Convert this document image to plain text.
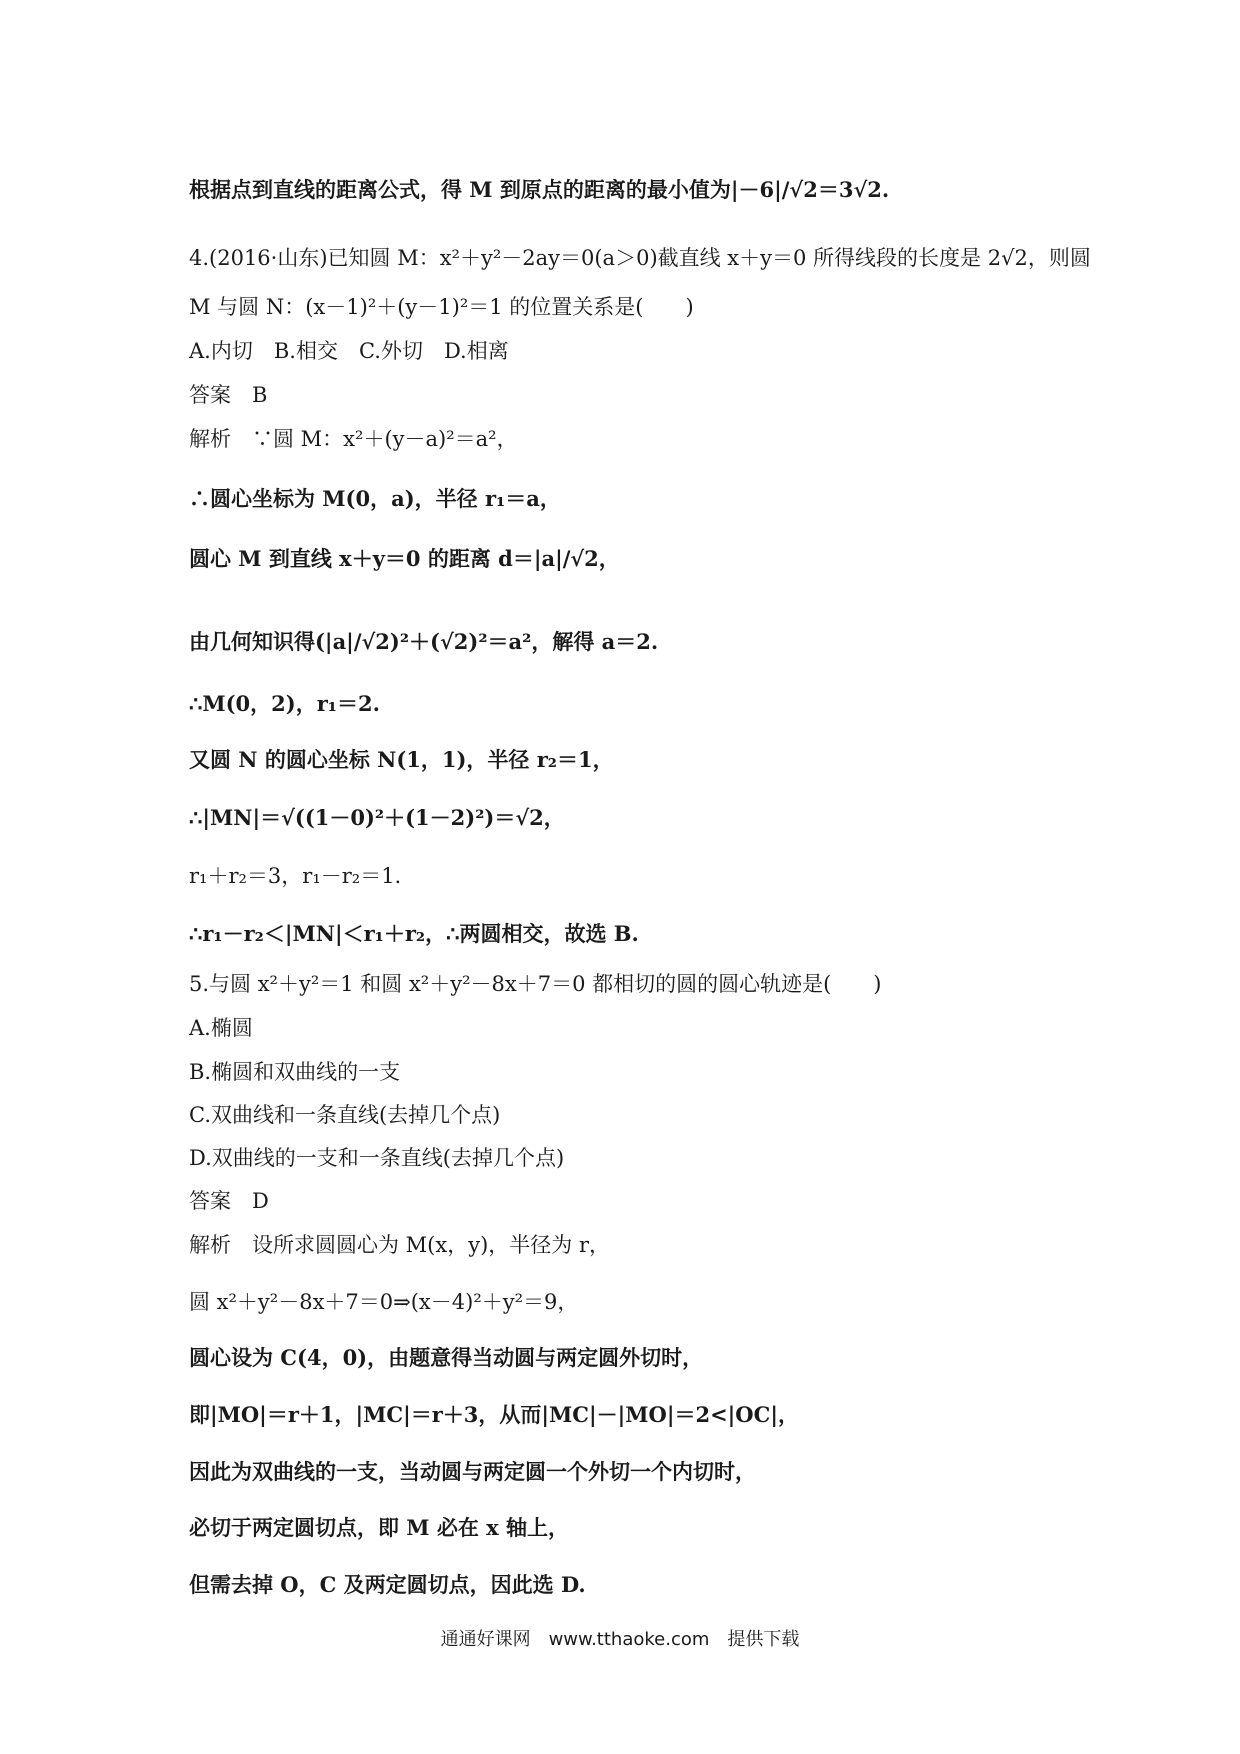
根据点到直线的距离公式，得 M 到原点的距离的最小值为|－6|/√2＝3√2.
4.(2016·山东)已知圆 M：x²＋y²－2ay＝0(a＞0)截直线 x＋y＝0 所得线段的长度是 2√2，则圆
M 与圆 N：(x－1)²＋(y－1)²＝1 的位置关系是(　　)
A.内切　B.相交　C.外切　D.相离
答案　B
解析　∵圆 M：x²＋(y－a)²＝a²，
∴圆心坐标为 M(0，a)，半径 r₁＝a，
圆心 M 到直线 x＋y＝0 的距离 d＝|a|/√2，
由几何知识得(|a|/√2)²＋(√2)²＝a²，解得 a＝2.
∴M(0，2)，r₁＝2.
又圆 N 的圆心坐标 N(1，1)，半径 r₂＝1，
∴|MN|＝√((1－0)²＋(1－2)²)＝√2，
r₁＋r₂＝3，r₁－r₂＝1.
∴r₁－r₂＜|MN|＜r₁＋r₂，∴两圆相交，故选 B.
5.与圆 x²＋y²＝1 和圆 x²＋y²－8x＋7＝0 都相切的圆的圆心轨迹是(　　)
A.椭圆
B.椭圆和双曲线的一支
C.双曲线和一条直线(去掉几个点)
D.双曲线的一支和一条直线(去掉几个点)
答案　D
解析　设所求圆圆心为 M(x，y)，半径为 r，
圆 x²＋y²－8x＋7＝0⇒(x－4)²＋y²＝9，
圆心设为 C(4，0)，由题意得当动圆与两定圆外切时，
即|MO|＝r＋1，|MC|＝r＋3，从而|MC|－|MO|＝2<|OC|，
因此为双曲线的一支，当动圆与两定圆一个外切一个内切时，
必切于两定圆切点，即 M 必在 x 轴上，
但需去掉 O，C 及两定圆切点，因此选 D.
通通好课网　www.tthaoke.com　提供下载
